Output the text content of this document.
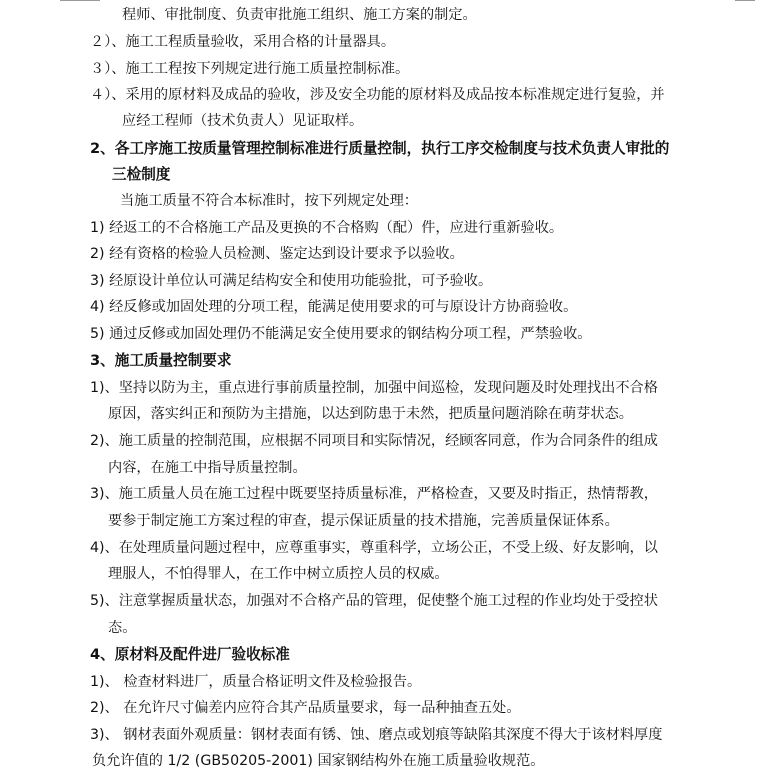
程师、审批制度、负责审批施工组织、施工方案的制定。
２）、施工工程质量验收，采用合格的计量器具。
３）、施工工程按下列规定进行施工质量控制标准。
４）、采用的原材料及成品的验收，涉及安全功能的原材料及成品按本标准规定进行复验，并
应经工程师（技术负责人）见证取样。
2、各工序施工按质量管理控制标准进行质量控制，执行工序交检制度与技术负责人审批的
三检制度
当施工质量不符合本标准时，按下列规定处理：
1) 经返工的不合格施工产品及更换的不合格购（配）件，应进行重新验收。
2) 经有资格的检验人员检测、鉴定达到设计要求予以验收。
3) 经原设计单位认可满足结构安全和使用功能验批，可予验收。
4) 经反修或加固处理的分项工程，能满足使用要求的可与原设计方协商验收。
5) 通过反修或加固处理仍不能满足安全使用要求的钢结构分项工程，严禁验收。
3、施工质量控制要求
1)、坚持以防为主，重点进行事前质量控制，加强中间巡检，发现问题及时处理找出不合格
原因，落实纠正和预防为主措施，以达到防患于未然，把质量问题消除在萌芽状态。
2)、施工质量的控制范围，应根据不同项目和实际情况，经顾客同意，作为合同条件的组成
内容，在施工中指导质量控制。
3)、施工质量人员在施工过程中既要坚持质量标准，严格检查，又要及时指正，热情帮教，
要参于制定施工方案过程的审查，提示保证质量的技术措施，完善质量保证体系。
4)、在处理质量问题过程中，应尊重事实，尊重科学，立场公正，不受上级、好友影响，以
理服人，不怕得罪人，在工作中树立质控人员的权威。
5)、注意掌握质量状态，加强对不合格产品的管理，促使整个施工过程的作业均处于受控状
态。
4、原材料及配件进厂验收标准
1)、 检查材料进厂，质量合格证明文件及检验报告。
2)、 在允许尺寸偏差内应符合其产品质量要求，每一品种抽查五处。
3)、 钢材表面外观质量：钢材表面有锈、蚀、磨点或划痕等缺陷其深度不得大于该材料厚度
负允许值的 1/2 (GB50205-2001) 国家钢结构外在施工质量验收规范。
